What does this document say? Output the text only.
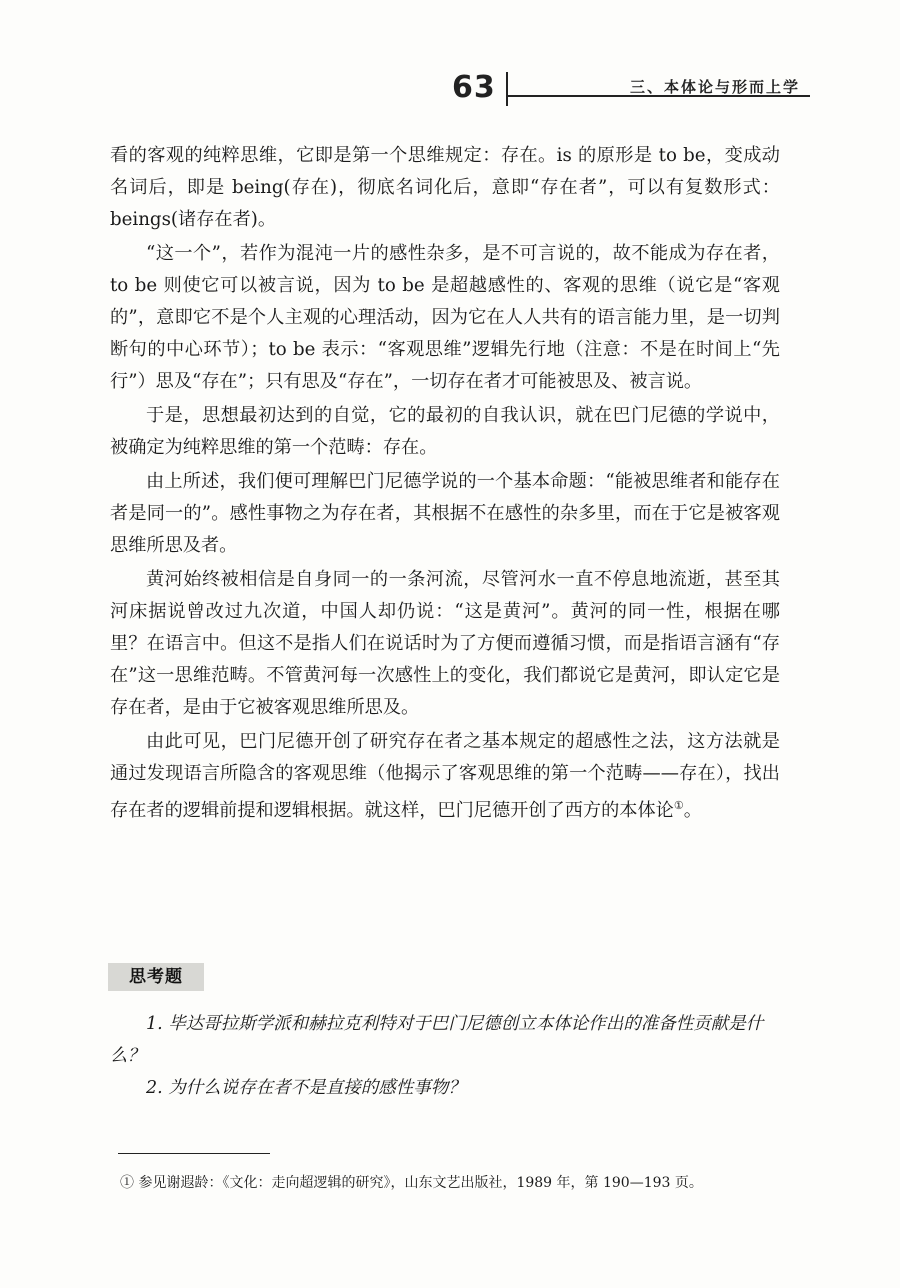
63	三、本体论与形而上学

看的客观的纯粹思维，它即是第一个思维规定：存在。is 的原形是 to be，变成动名词后，即是 being(存在)，彻底名词化后，意即“存在者”，可以有复数形式：beings(诸存在者)。

“这一个”，若作为混沌一片的感性杂多，是不可言说的，故不能成为存在者，to be 则使它可以被言说，因为 to be 是超越感性的、客观的思维（说它是“客观的”，意即它不是个人主观的心理活动，因为它在人人共有的语言能力里，是一切判断句的中心环节）；to be 表示：“客观思维”逻辑先行地（注意：不是在时间上“先行”）思及“存在”；只有思及“存在”，一切存在者才可能被思及、被言说。

于是，思想最初达到的自觉，它的最初的自我认识，就在巴门尼德的学说中，被确定为纯粹思维的第一个范畴：存在。

由上所述，我们便可理解巴门尼德学说的一个基本命题：“能被思维者和能存在者是同一的”。感性事物之为存在者，其根据不在感性的杂多里，而在于它是被客观思维所思及者。

黄河始终被相信是自身同一的一条河流，尽管河水一直不停息地流逝，甚至其河床据说曾改过九次道，中国人却仍说：“这是黄河”。黄河的同一性，根据在哪里？在语言中。但这不是指人们在说话时为了方便而遵循习惯，而是指语言涵有“存在”这一思维范畴。不管黄河每一次感性上的变化，我们都说它是黄河，即认定它是存在者，是由于它被客观思维所思及。

由此可见，巴门尼德开创了研究存在者之基本规定的超感性之法，这方法就是通过发现语言所隐含的客观思维（他揭示了客观思维的第一个范畴——存在），找出存在者的逻辑前提和逻辑根据。就这样，巴门尼德开创了西方的本体论①。

思考题

1. 毕达哥拉斯学派和赫拉克利特对于巴门尼德创立本体论作出的准备性贡献是什么？

2. 为什么说存在者不是直接的感性事物？

① 参见谢遐龄：《文化：走向超逻辑的研究》，山东文艺出版社，1989 年，第 190—193 页。
